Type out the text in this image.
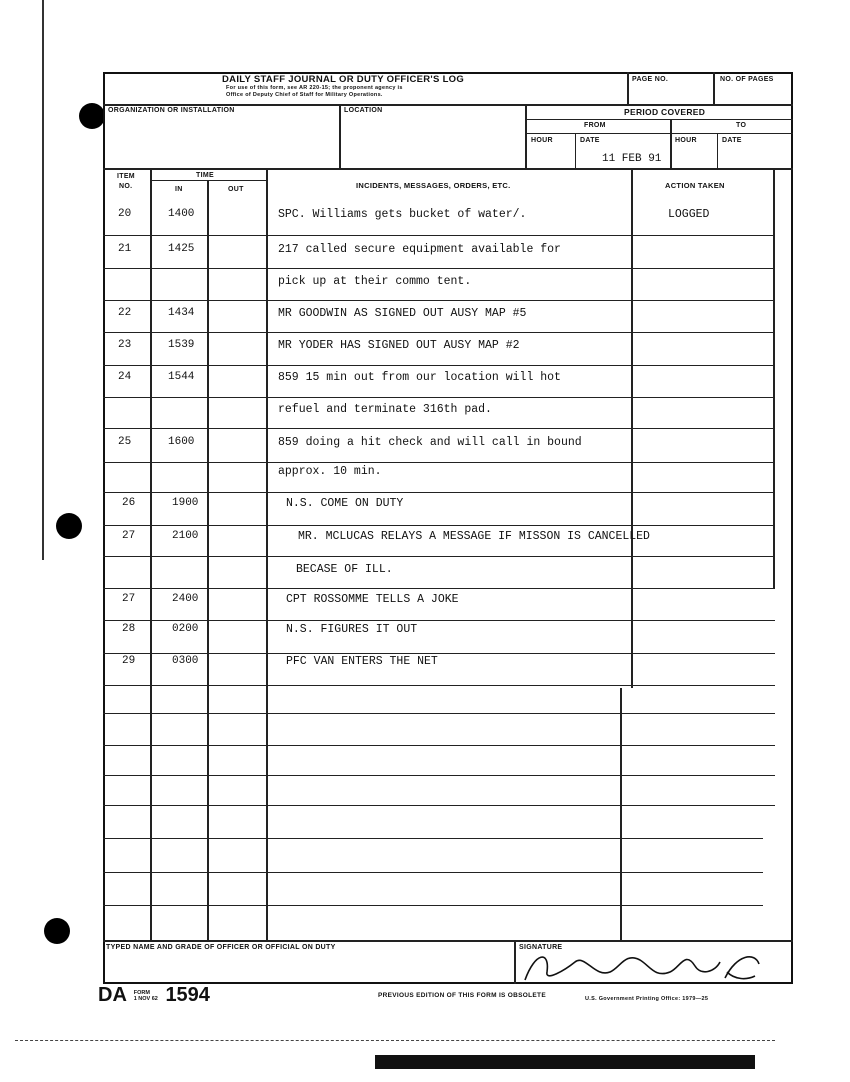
DAILY STAFF JOURNAL OR DUTY OFFICER'S LOG
For use of this form, see AR 220-15; the proponent agency is
Office of Deputy Chief of Staff for Military Operations.
PAGE NO.	NO. OF PAGES
ORGANIZATION OR INSTALLATION	LOCATION	PERIOD COVERED
FROM	TO
HOUR	DATE	HOUR	DATE
11 FEB 91
ITEM
NO.
TIME
IN	OUT	INCIDENTS, MESSAGES, ORDERS, ETC.	ACTION TAKEN
20	1400	SPC. Williams gets bucket of water/.	LOGGED
21	1425	217 called secure equipment available for
pick up at their commo tent.
22	1434	MR GOODWIN AS SIGNED OUT AUSY MAP #5
23	1539	MR YODER HAS SIGNED OUT AUSY MAP #2
24	1544	859 15 min out from our location will hot
refuel and terminate 316th pad.
25	1600	859 doing a hit check and will call in bound
approx. 10 min.
26	1900	N.S. COME ON DUTY
27	2100	MR. MCLUCAS RELAYS A MESSAGE IF MISSON IS CANCELLED
BECASE OF ILL.
27	2400	CPT ROSSOMME TELLS A JOKE
28	0200	N.S. FIGURES IT OUT
29	0300	PFC VAN ENTERS THE NET
TYPED NAME AND GRADE OF OFFICER OR OFFICIAL ON DUTY	SIGNATURE
DA FORM
1 NOV 62 1594	PREVIOUS EDITION OF THIS FORM IS OBSOLETE	U.S. Government Printing Office: 1979—25
